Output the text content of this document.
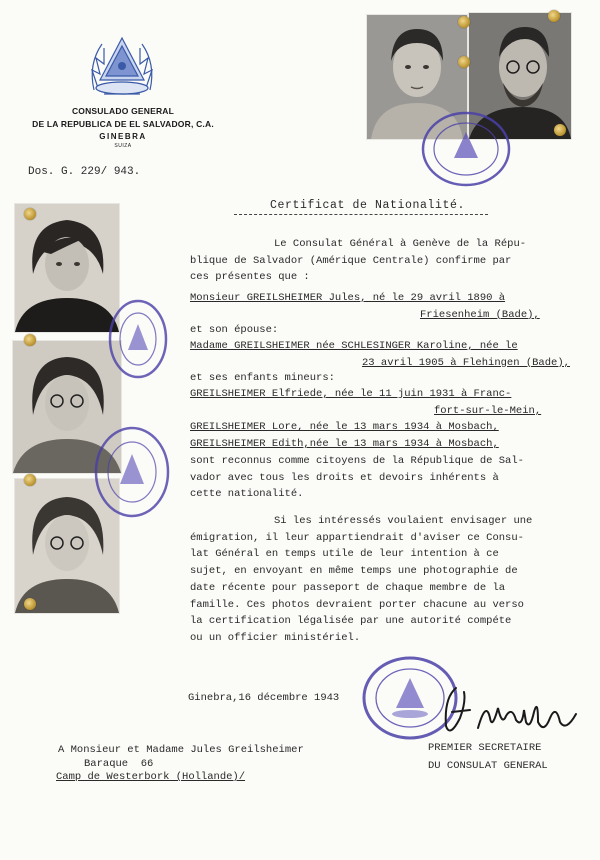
CONSULADO GENERAL
DE LA REPUBLICA DE EL SALVADOR, C.A.
GINEBRA
SUIZA
Dos. G. 229/ 943.
Certificat de Nationalité.
Le Consulat Général à Genève de la Répu-
blique de Salvador (Amérique Centrale) confirme par
ces présentes que :
Monsieur GREILSHEIMER Jules, né le 29 avril 1890 à
Friesenheim (Bade),
et son épouse:
Madame GREILSHEIMER née SCHLESINGER Karoline, née le
23 avril 1905 à Flehingen (Bade),
et ses enfants mineurs:
GREILSHEIMER Elfriede, née le 11 juin 1931 à Franc-
fort-sur-le-Mein,
GREILSHEIMER Lore, née le 13 mars 1934 à Mosbach,
GREILSHEIMER Edith,née le 13 mars 1934 à Mosbach,
sont reconnus comme citoyens de la République de Sal-
vador avec tous les droits et devoirs inhérents à
cette nationalité.
Si les intéressés voulaient envisager une
émigration, il leur appartiendrait d'aviser ce Consu-
lat Général en temps utile de leur intention à ce
sujet, en envoyant en même temps une photographie de
date récente pour passeport de chaque membre de la
famille. Ces photos devraient porter chacune au verso
la certification légalisée par une autorité compéte
ou un officier ministériel.
Ginebra,16 décembre 1943
PREMIER SECRETAIRE
DU CONSULAT GENERAL
A Monsieur et Madame Jules Greilsheimer
Baraque  66
Camp de Westerbork (Hollande)/
